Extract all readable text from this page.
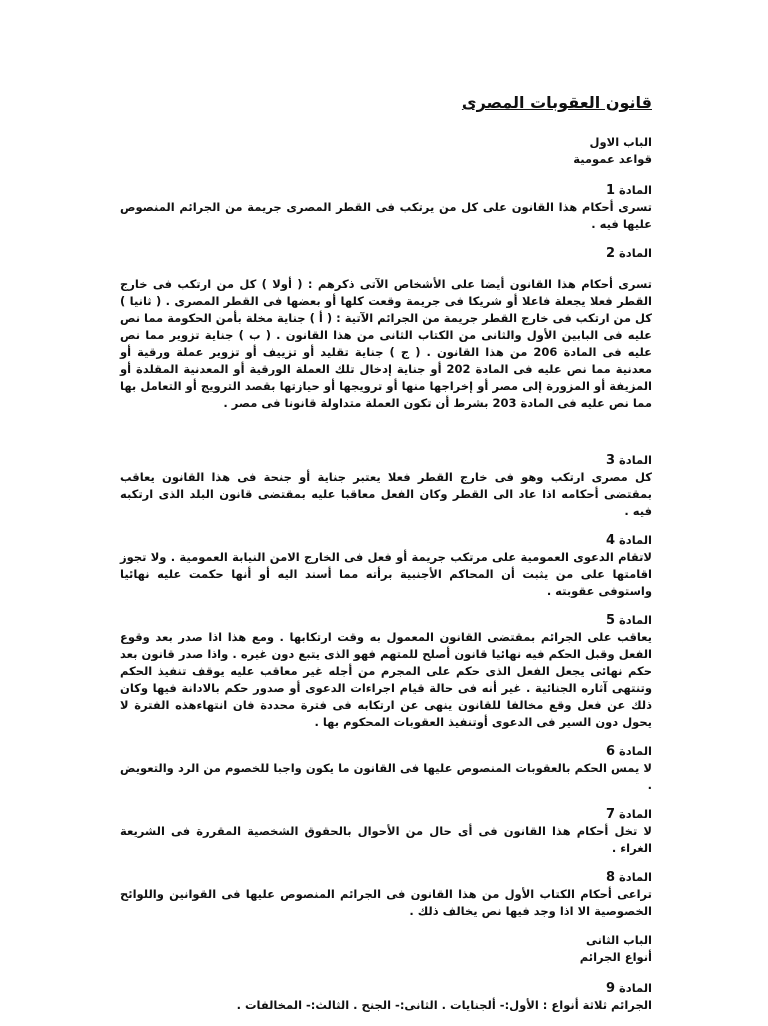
قانون العقوبات المصرى
الباب الاول
قواعد عمومية
المادة 1
تسرى أحكام هذا القانون على كل من يرتكب فى القطر المصرى جريمة من الجرائم المنصوص عليها فيه .
المادة 2
تسرى أحكام هذا القانون أيضا على الأشخاص الآتى ذكرهم : ( أولا ) كل من ارتكب فى خارج القطر فعلا يجعلة فاعلا أو شريكا فى جريمة وقعت كلها أو بعضها فى القطر المصرى . ( ثانيا ) كل من ارتكب فى خارج القطر جريمة من الجرائم الآتية : ( أ ) جناية مخلة بأمن الحكومة مما نص عليه فى البابين الأول والثانى من الكتاب الثانى من هذا القانون . ( ب ) جناية تزوير مما نص عليه فى المادة 206 من هذا القانون . ( ج ) جناية تقليد أو تزييف أو تزوير عملة ورقية أو معدنية مما نص عليه فى المادة 202 أو جناية إدخال تلك العملة الورقية أو المعدنية المقلدة أو المزيفة أو المزورة إلى مصر أو إخراجها منها أو ترويجها أو حيازتها بقصد الترويج أو التعامل بها مما نص عليه فى المادة 203 بشرط أن تكون العملة متداولة قانونا فى مصر .
المادة 3
كل مصرى ارتكب وهو فى خارج القطر فعلا يعتبر جناية أو جنحة فى هذا القانون يعاقب بمقتضى أحكامه اذا عاد الى القطر وكان الفعل معاقبا عليه بمقتضى قانون البلد الذى ارتكبه فيه .
المادة 4
لاتقام الدعوى العمومية على مرتكب جريمة أو فعل فى الخارج الامن النيابة العمومية . ولا تجوز اقامتها على من يثبت أن المحاكم الأجنبية برأته مما أسند اليه أو أنها حكمت عليه نهائيا واستوفى عقوبته .
المادة 5
يعاقب على الجرائم بمقتضى القانون المعمول به وقت ارتكابها . ومع هذا اذا صدر بعد وقوع الفعل وقبل الحكم فيه نهائيا قانون أصلح للمتهم فهو الذى يتبع دون غيره . واذا صدر قانون بعد حكم نهائى يجعل الفعل الذى حكم على المجرم من أجله غير معاقب عليه يوقف تنفيذ الحكم وتنتهى آثاره الجنائية . غير أنه فى حالة قيام اجراءات الدعوى أو صدور حكم بالادانة فيها وكان ذلك عن فعل وقع مخالفا للقانون ينهى عن ارتكابه فى فترة محددة فان انتهاءهذه الفترة لا يحول دون السير فى الدعوى أوتنفيذ العقوبات المحكوم بها .
المادة 6
لا يمس الحكم بالعقوبات المنصوص عليها فى القانون ما يكون واجبا للخصوم من الرد والتعويض .
المادة 7
لا تخل أحكام هذا القانون فى أى حال من الأحوال بالحقوق الشخصية المقررة فى الشريعة الغراء .
المادة 8
تراعى أحكام الكتاب الأول من هذا القانون فى الجرائم المنصوص عليها فى القوانين واللوائح الخصوصية الا اذا وجد فيها نص يخالف ذلك .
الباب الثانى
أنواع الجرائم
المادة 9
الجرائم ثلاثة أنواع : الأول:- ألجنايات . الثانى:- الجنح . الثالث:- المخالفات .
